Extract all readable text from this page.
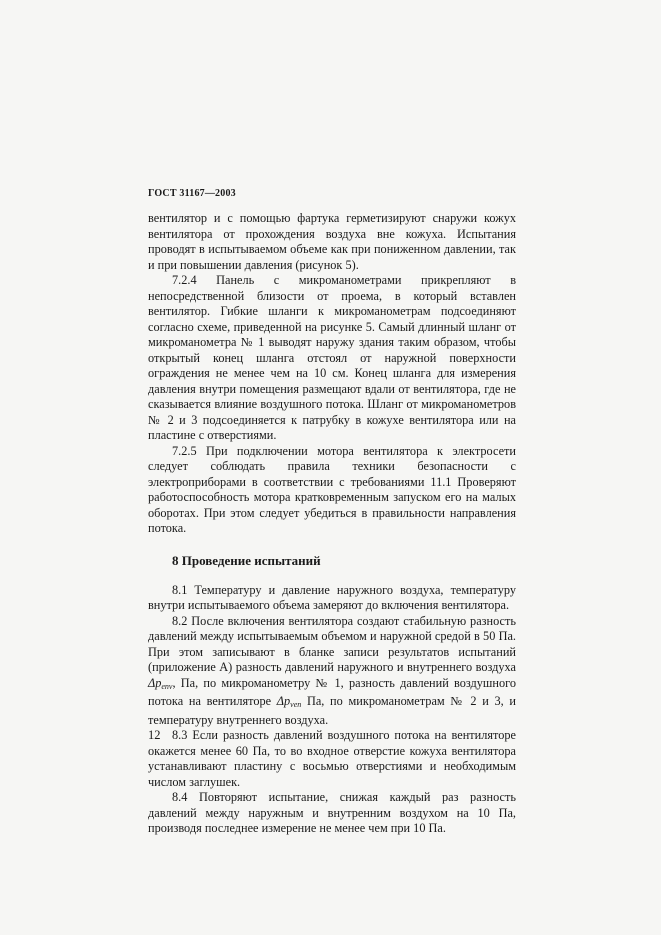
ГОСТ 31167—2003

вентилятор и с помощью фартука герметизируют снаружи кожух вентилятора от прохождения воздуха вне кожуха. Испытания проводят в испытываемом объеме как при пониженном давлении, так и при повышении давления (рисунок 5).

7.2.4 Панель с микроманометрами прикрепляют в непосредственной близости от проема, в который вставлен вентилятор. Гибкие шланги к микроманометрам подсоединяют согласно схеме, приведенной на рисунке 5. Самый длинный шланг от микроманометра № 1 выводят наружу здания таким образом, чтобы открытый конец шланга отстоял от наружной поверхности ограждения не менее чем на 10 см. Конец шланга для измерения давления внутри помещения размещают вдали от вентилятора, где не сказывается влияние воздушного потока. Шланг от микроманометров № 2 и 3 подсоединяется к патрубку в кожухе вентилятора или на пластине с отверстиями.

7.2.5 При подключении мотора вентилятора к электросети следует соблюдать правила техники безопасности с электроприборами в соответствии с требованиями 11.1 Проверяют работоспособность мотора кратковременным запуском его на малых оборотах. При этом следует убедиться в правильности направления потока.

8 Проведение испытаний

8.1 Температуру и давление наружного воздуха, температуру внутри испытываемого объема замеряют до включения вентилятора.

8.2 После включения вентилятора создают стабильную разность давлений между испытываемым объемом и наружной средой в 50 Па. При этом записывают в бланке записи результатов испытаний (приложение А) разность давлений наружного и внутреннего воздуха $\Delta p_{env}$, Па, по микроманометру № 1, разность давлений воздушного потока на вентиляторе $\Delta p_{ven}$ Па, по микроманометрам № 2 и 3, и температуру внутреннего воздуха.

8.3 Если разность давлений воздушного потока на вентиляторе окажется менее 60 Па, то во входное отверстие кожуха вентилятора устанавливают пластину с восьмью отверстиями и необходимым числом заглушек.

8.4 Повторяют испытание, снижая каждый раз разность давлений между наружным и внутренним воздухом на 10 Па, производя последнее измерение не менее чем при 10 Па.

12
